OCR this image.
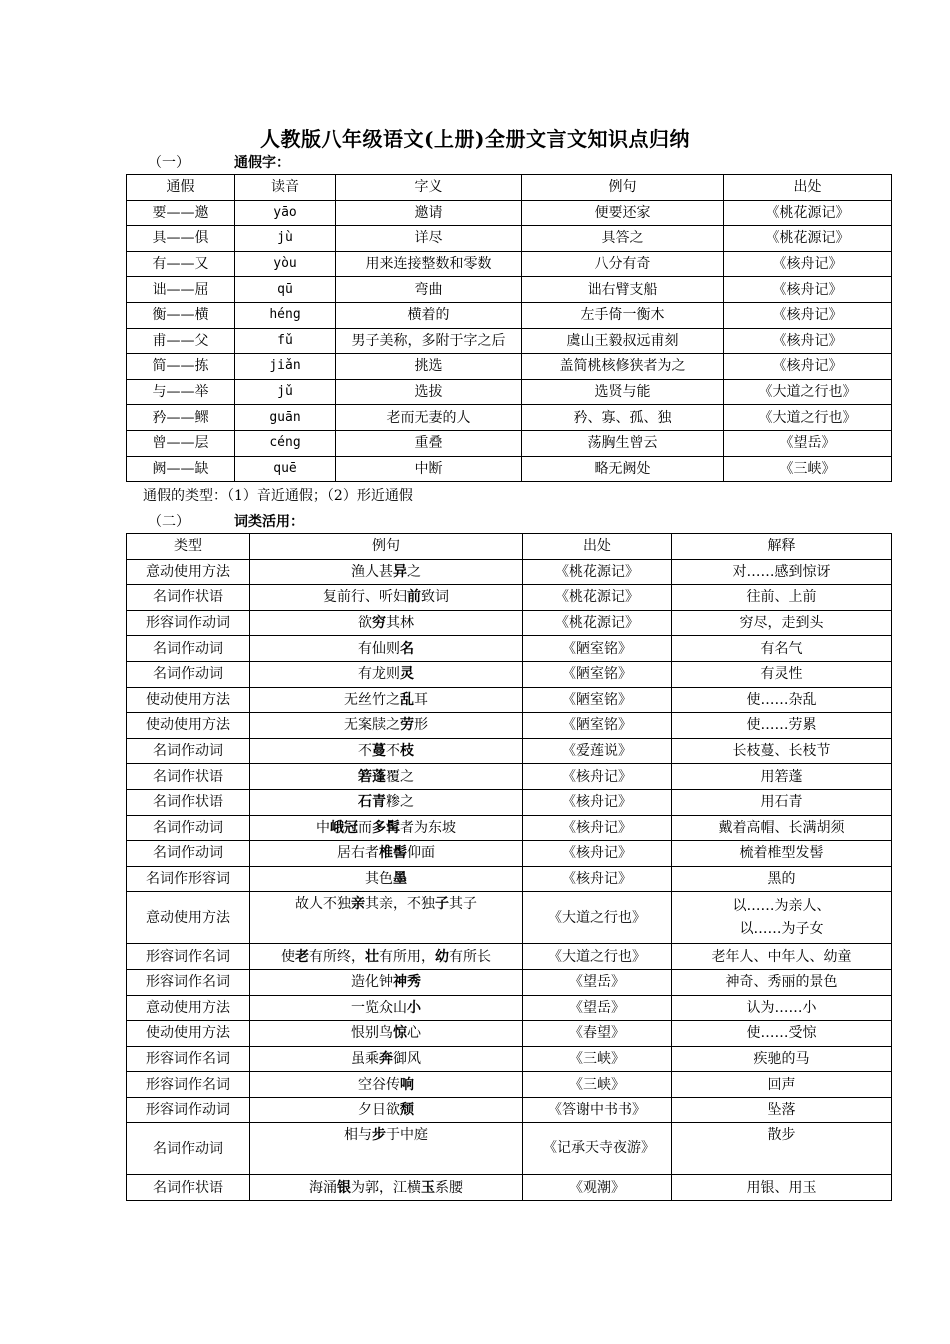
人教版八年级语文(上册)全册文言文知识点归纳
（一）	通假字：
通假	读音	字义	例句	出处
要——邀	yāo	邀请	便要还家	《桃花源记》
具——俱	jù	详尽	具答之	《桃花源记》
有——又	yòu	用来连接整数和零数	八分有奇	《核舟记》
诎——屈	qū	弯曲	诎右臂支船	《核舟记》
衡——横	héng	横着的	左手倚一衡木	《核舟记》
甫——父	fǔ	男子美称，多附于字之后	虞山王毅叔远甫刻	《核舟记》
简——拣	jiǎn	挑选	盖简桃核修狭者为之	《核舟记》
与——举	jǔ	选拔	选贤与能	《大道之行也》
矜——鳏	guān	老而无妻的人	矜、寡、孤、独	《大道之行也》
曾——层	céng	重叠	荡胸生曾云	《望岳》
阙——缺	quē	中断	略无阙处	《三峡》
通假的类型：（1）音近通假；（2）形近通假
（二）	词类活用：
类型	例句	出处	解释
意动使用方法	渔人甚异之	《桃花源记》	对……感到惊讶
名词作状语	复前行、听妇前致词	《桃花源记》	往前、上前
形容词作动词	欲穷其林	《桃花源记》	穷尽，走到头
名词作动词	有仙则名	《陋室铭》	有名气
名词作动词	有龙则灵	《陋室铭》	有灵性
使动使用方法	无丝竹之乱耳	《陋室铭》	使……杂乱
使动使用方法	无案牍之劳形	《陋室铭》	使……劳累
名词作动词	不蔓不枝	《爱莲说》	长枝蔓、长枝节
名词作状语	箬蓬覆之	《核舟记》	用箬蓬
名词作状语	石青糁之	《核舟记》	用石青
名词作动词	中峨冠而多髯者为东坡	《核舟记》	戴着高帽、长满胡须
名词作动词	居右者椎髻仰面	《核舟记》	梳着椎型发髻
名词作形容词	其色墨	《核舟记》	黑的
意动使用方法	故人不独亲其亲，不独子其子	《大道之行也》	以……为亲人、以……为子女
形容词作名词	使老有所终，壮有所用，幼有所长	《大道之行也》	老年人、中年人、幼童
形容词作名词	造化钟神秀	《望岳》	神奇、秀丽的景色
意动使用方法	一览众山小	《望岳》	认为……小
使动使用方法	恨别鸟惊心	《春望》	使……受惊
形容词作名词	虽乘奔御风	《三峡》	疾驰的马
形容词作名词	空谷传响	《三峡》	回声
形容词作动词	夕日欲颓	《答谢中书书》	坠落
名词作动词	相与步于中庭	《记承天寺夜游》	散步
名词作状语	海涌银为郭，江横玉系腰	《观潮》	用银、用玉
